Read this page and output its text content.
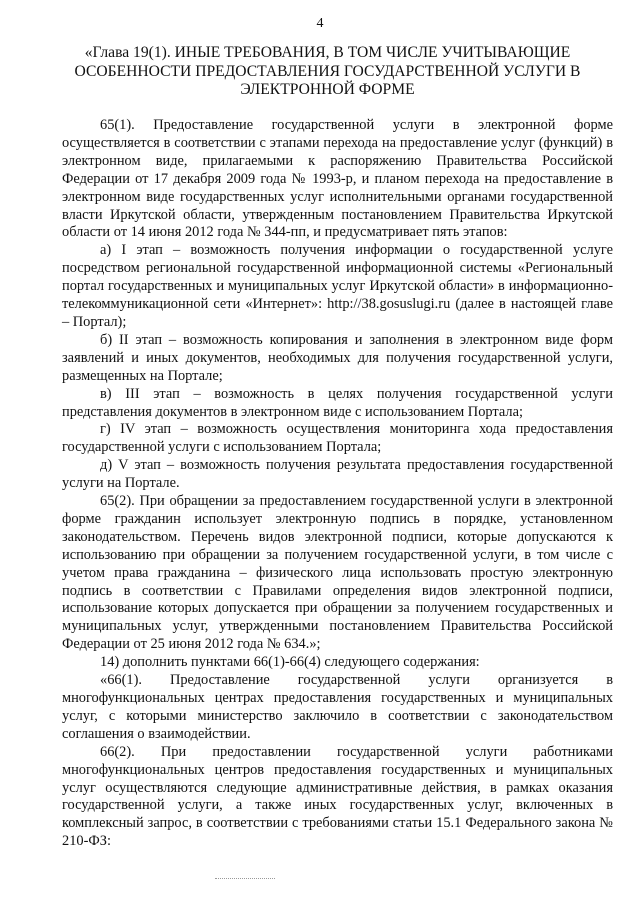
4
«Глава 19(1). ИНЫЕ ТРЕБОВАНИЯ, В ТОМ ЧИСЛЕ УЧИТЫВАЮЩИЕ ОСОБЕННОСТИ ПРЕДОСТАВЛЕНИЯ ГОСУДАРСТВЕННОЙ УСЛУГИ В ЭЛЕКТРОННОЙ ФОРМЕ

65(1). Предоставление государственной услуги в электронной форме осуществляется в соответствии с этапами перехода на предоставление услуг (функций) в электронном виде, прилагаемыми к распоряжению Правительства Российской Федерации от 17 декабря 2009 года № 1993-р, и планом перехода на предоставление в электронном виде государственных услуг исполнительными органами государственной власти Иркутской области, утвержденным постановлением Правительства Иркутской области от 14 июня 2012 года № 344-пп, и предусматривает пять этапов:

а) I этап – возможность получения информации о государственной услуге посредством региональной государственной информационной системы «Региональный портал государственных и муниципальных услуг Иркутской области» в информационно-телекоммуникационной сети «Интернет»: http://38.gosuslugi.ru (далее в настоящей главе – Портал);

б) II этап – возможность копирования и заполнения в электронном виде форм заявлений и иных документов, необходимых для получения государственной услуги, размещенных на Портале;

в) III этап – возможность в целях получения государственной услуги представления документов в электронном виде с использованием Портала;

г) IV этап – возможность осуществления мониторинга хода предоставления государственной услуги с использованием Портала;

д) V этап – возможность получения результата предоставления государственной услуги на Портале.

65(2). При обращении за предоставлением государственной услуги в электронной форме гражданин использует электронную подпись в порядке, установленном законодательством. Перечень видов электронной подписи, которые допускаются к использованию при обращении за получением государственной услуги, в том числе с учетом права гражданина – физического лица использовать простую электронную подпись в соответствии с Правилами определения видов электронной подписи, использование которых допускается при обращении за получением государственных и муниципальных услуг, утвержденными постановлением Правительства Российской Федерации от 25 июня 2012 года № 634.»;

14) дополнить пунктами 66(1)-66(4) следующего содержания:

«66(1). Предоставление государственной услуги организуется в многофункциональных центрах предоставления государственных и муниципальных услуг, с которыми министерство заключило в соответствии с законодательством соглашения о взаимодействии.

66(2). При предоставлении государственной услуги работниками многофункциональных центров предоставления государственных и муниципальных услуг осуществляются следующие административные действия, в рамках оказания государственной услуги, а также иных государственных услуг, включенных в комплексный запрос, в соответствии с требованиями статьи 15.1 Федерального закона № 210-ФЗ:
